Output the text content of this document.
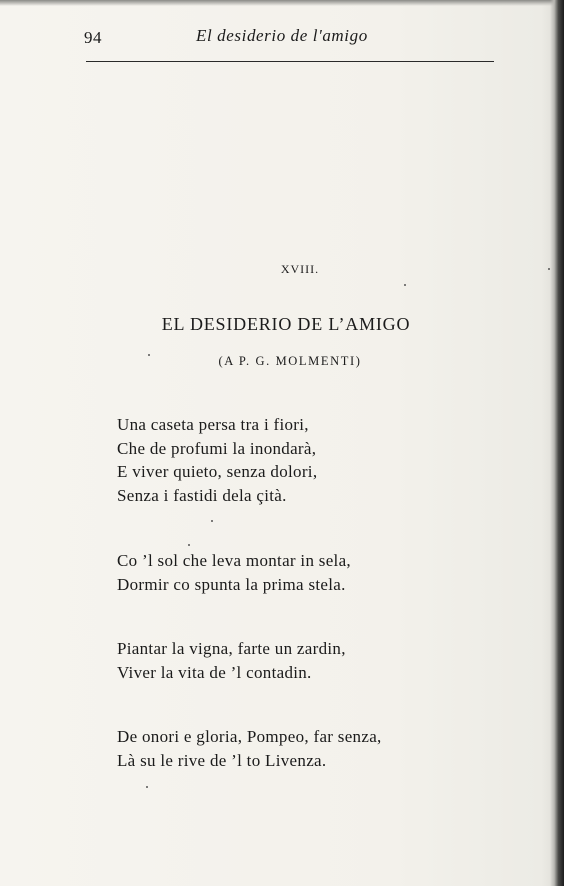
94	El desiderio de l'amigo
XVIII.
EL DESIDERIO DE L’AMIGO
(A P. G. MOLMENTI)
Una caseta persa tra i fiori,
Che de profumi la inondarà,
E viver quieto, senza dolori,
Senza i fastidi dela çità.
Co ’l sol che leva montar in sela,
Dormir co spunta la prima stela.
Piantar la vigna, farte un zardin,
Viver la vita de ’l contadin.
De onori e gloria, Pompeo, far senza,
Là su le rive de ’l to Livenza.
